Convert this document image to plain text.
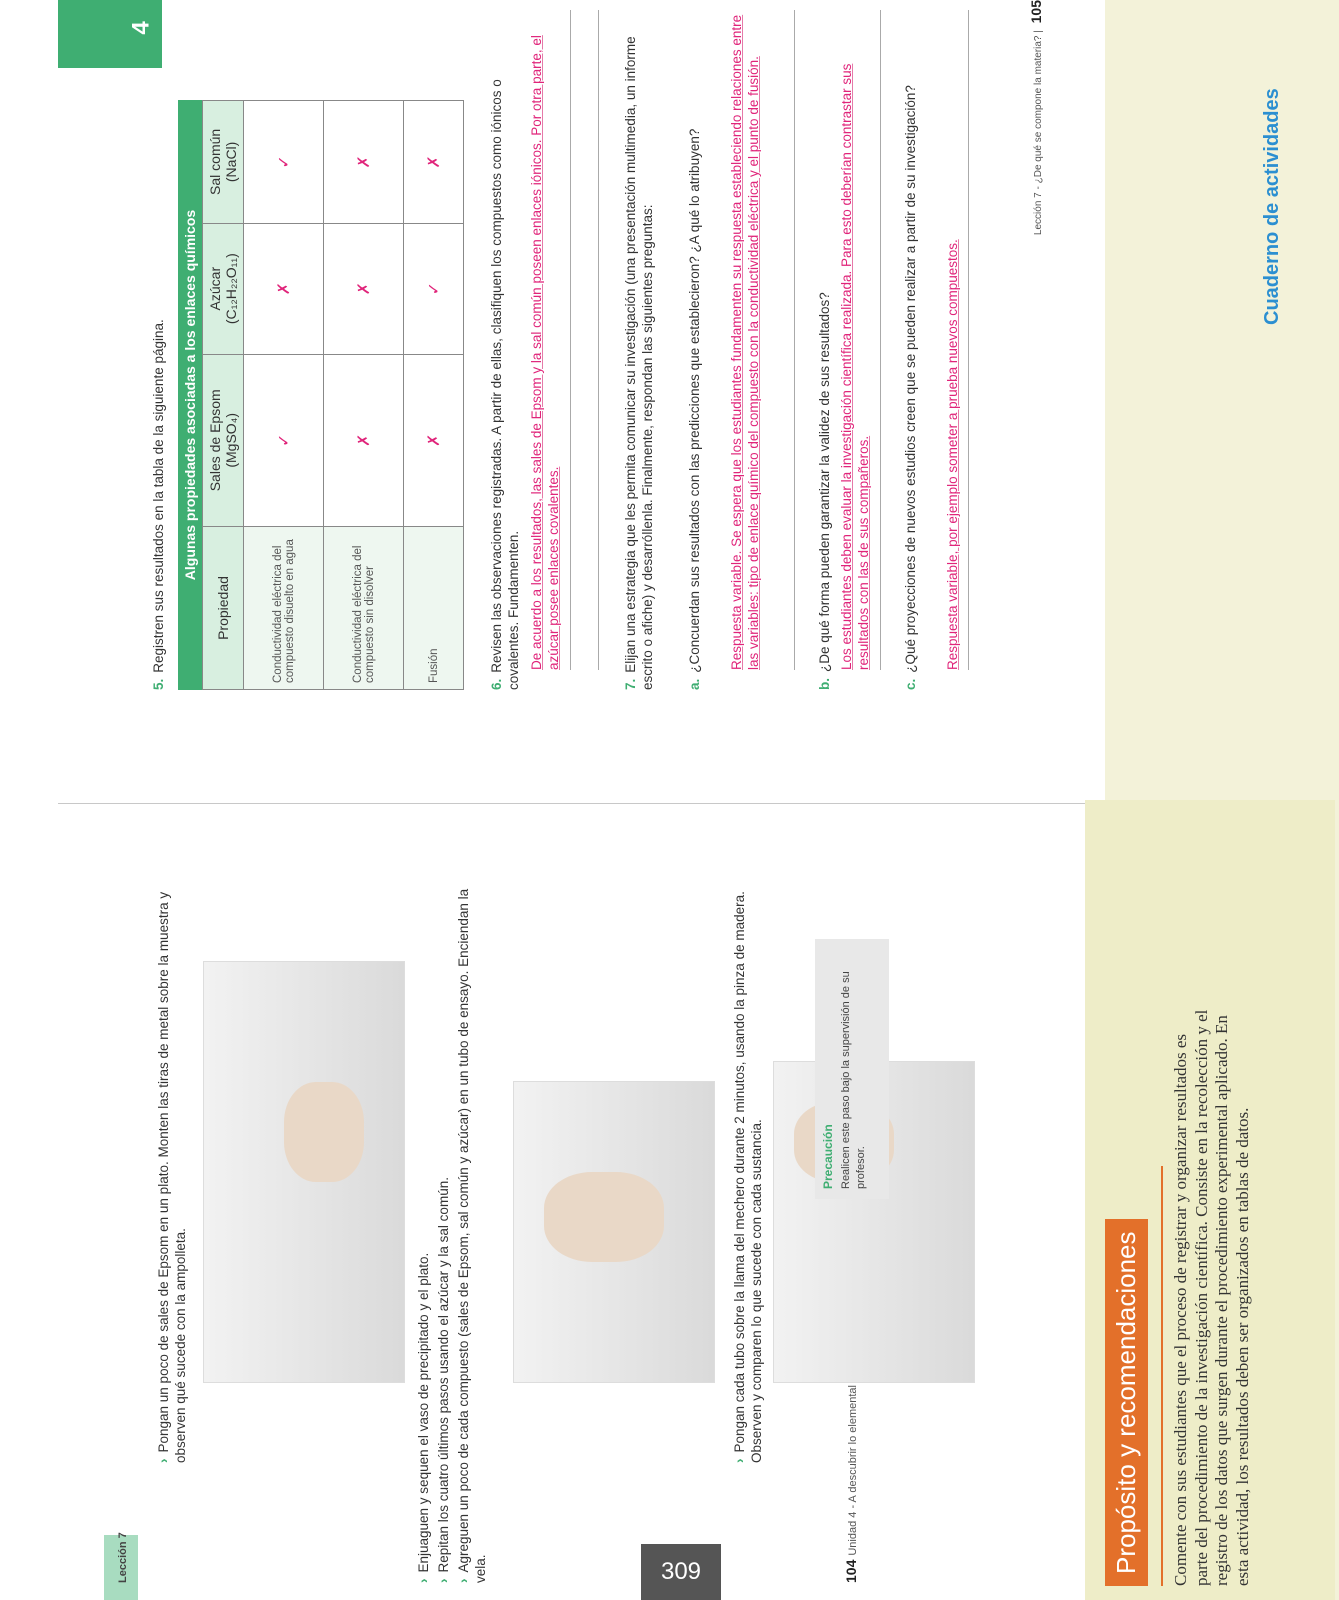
4
Cuaderno de actividades
Propósito y recomendaciones	Comente con sus estudiantes que el proceso de registrar y organizar resultados es parte del procedimiento de la investigación científica. Consiste en la recolección y el registro de los datos que surgen durante el procedimiento experimental aplicado. En esta actividad, los resultados deben ser organizados en tablas de datos.
Lección 7
›Pongan un poco de sales de Epsom en un plato. Monten las tiras de metal sobre la muestra y observen qué sucede con la ampolleta.
›Enjuaguen y sequen el vaso de precipitado y el plato.
›Repitan los cuatro últimos pasos usando el azúcar y la sal común.
›Agreguen un poco de cada compuesto (sales de Epsom, sal común y azúcar) en un tubo de ensayo. Enciendan la vela.
›Pongan cada tubo sobre la llama del mechero durante 2 minutos, usando la pinza de madera. Observen y comparen lo que sucede con cada sustancia.	Precaución Realicen este paso bajo la supervisión de su profesor.
104Unidad 4 - A descubrir lo elemental
5.Registren sus resultados en la tabla de la siguiente página. Algunas propiedades asociadas a los enlaces químicos
Propiedad	Sales de Epsom (MgSO₄)	Azúcar (C₁₂H₂₂O₁₁)	Sal común (NaCl)
Conductividad eléctrica del compuesto disuelto en agua	✓	✗	✓
Conductividad eléctrica del compuesto sin disolver	✗	✗	✗
Fusión	✗	✓	✗
6.Revisen las observaciones registradas. A partir de ellas, clasifiquen los compuestos como iónicos o covalentes. Fundamenten. De acuerdo a los resultados, las sales de Epsom y la sal común poseen enlaces iónicos. Por otra parte, el azúcar posee enlaces covalentes.
7.Elijan una estrategia que les permita comunicar su investigación (una presentación multimedia, un informe escrito o afiche) y desarróllenla. Finalmente, respondan las siguientes preguntas: a.¿Concuerdan sus resultados con las predicciones que establecieron? ¿A qué lo atribuyen? Respuesta variable. Se espera que los estudiantes fundamenten su respuesta estableciendo relaciones entre las variables: tipo de enlace químico del compuesto con la conductividad eléctrica y el punto de fusión.
b.¿De qué forma pueden garantizar la validez de sus resultados? Los estudiantes deben evaluar la investigación científica realizada. Para esto deberían contrastar sus resultados con las de sus compañeros.
c.¿Qué proyecciones de nuevos estudios creen que se pueden realizar a partir de su investigación? Respuesta variable, por ejemplo someter a prueba nuevos compuestos.
Lección 7 - ¿De qué se compone la materia? | 105
309
